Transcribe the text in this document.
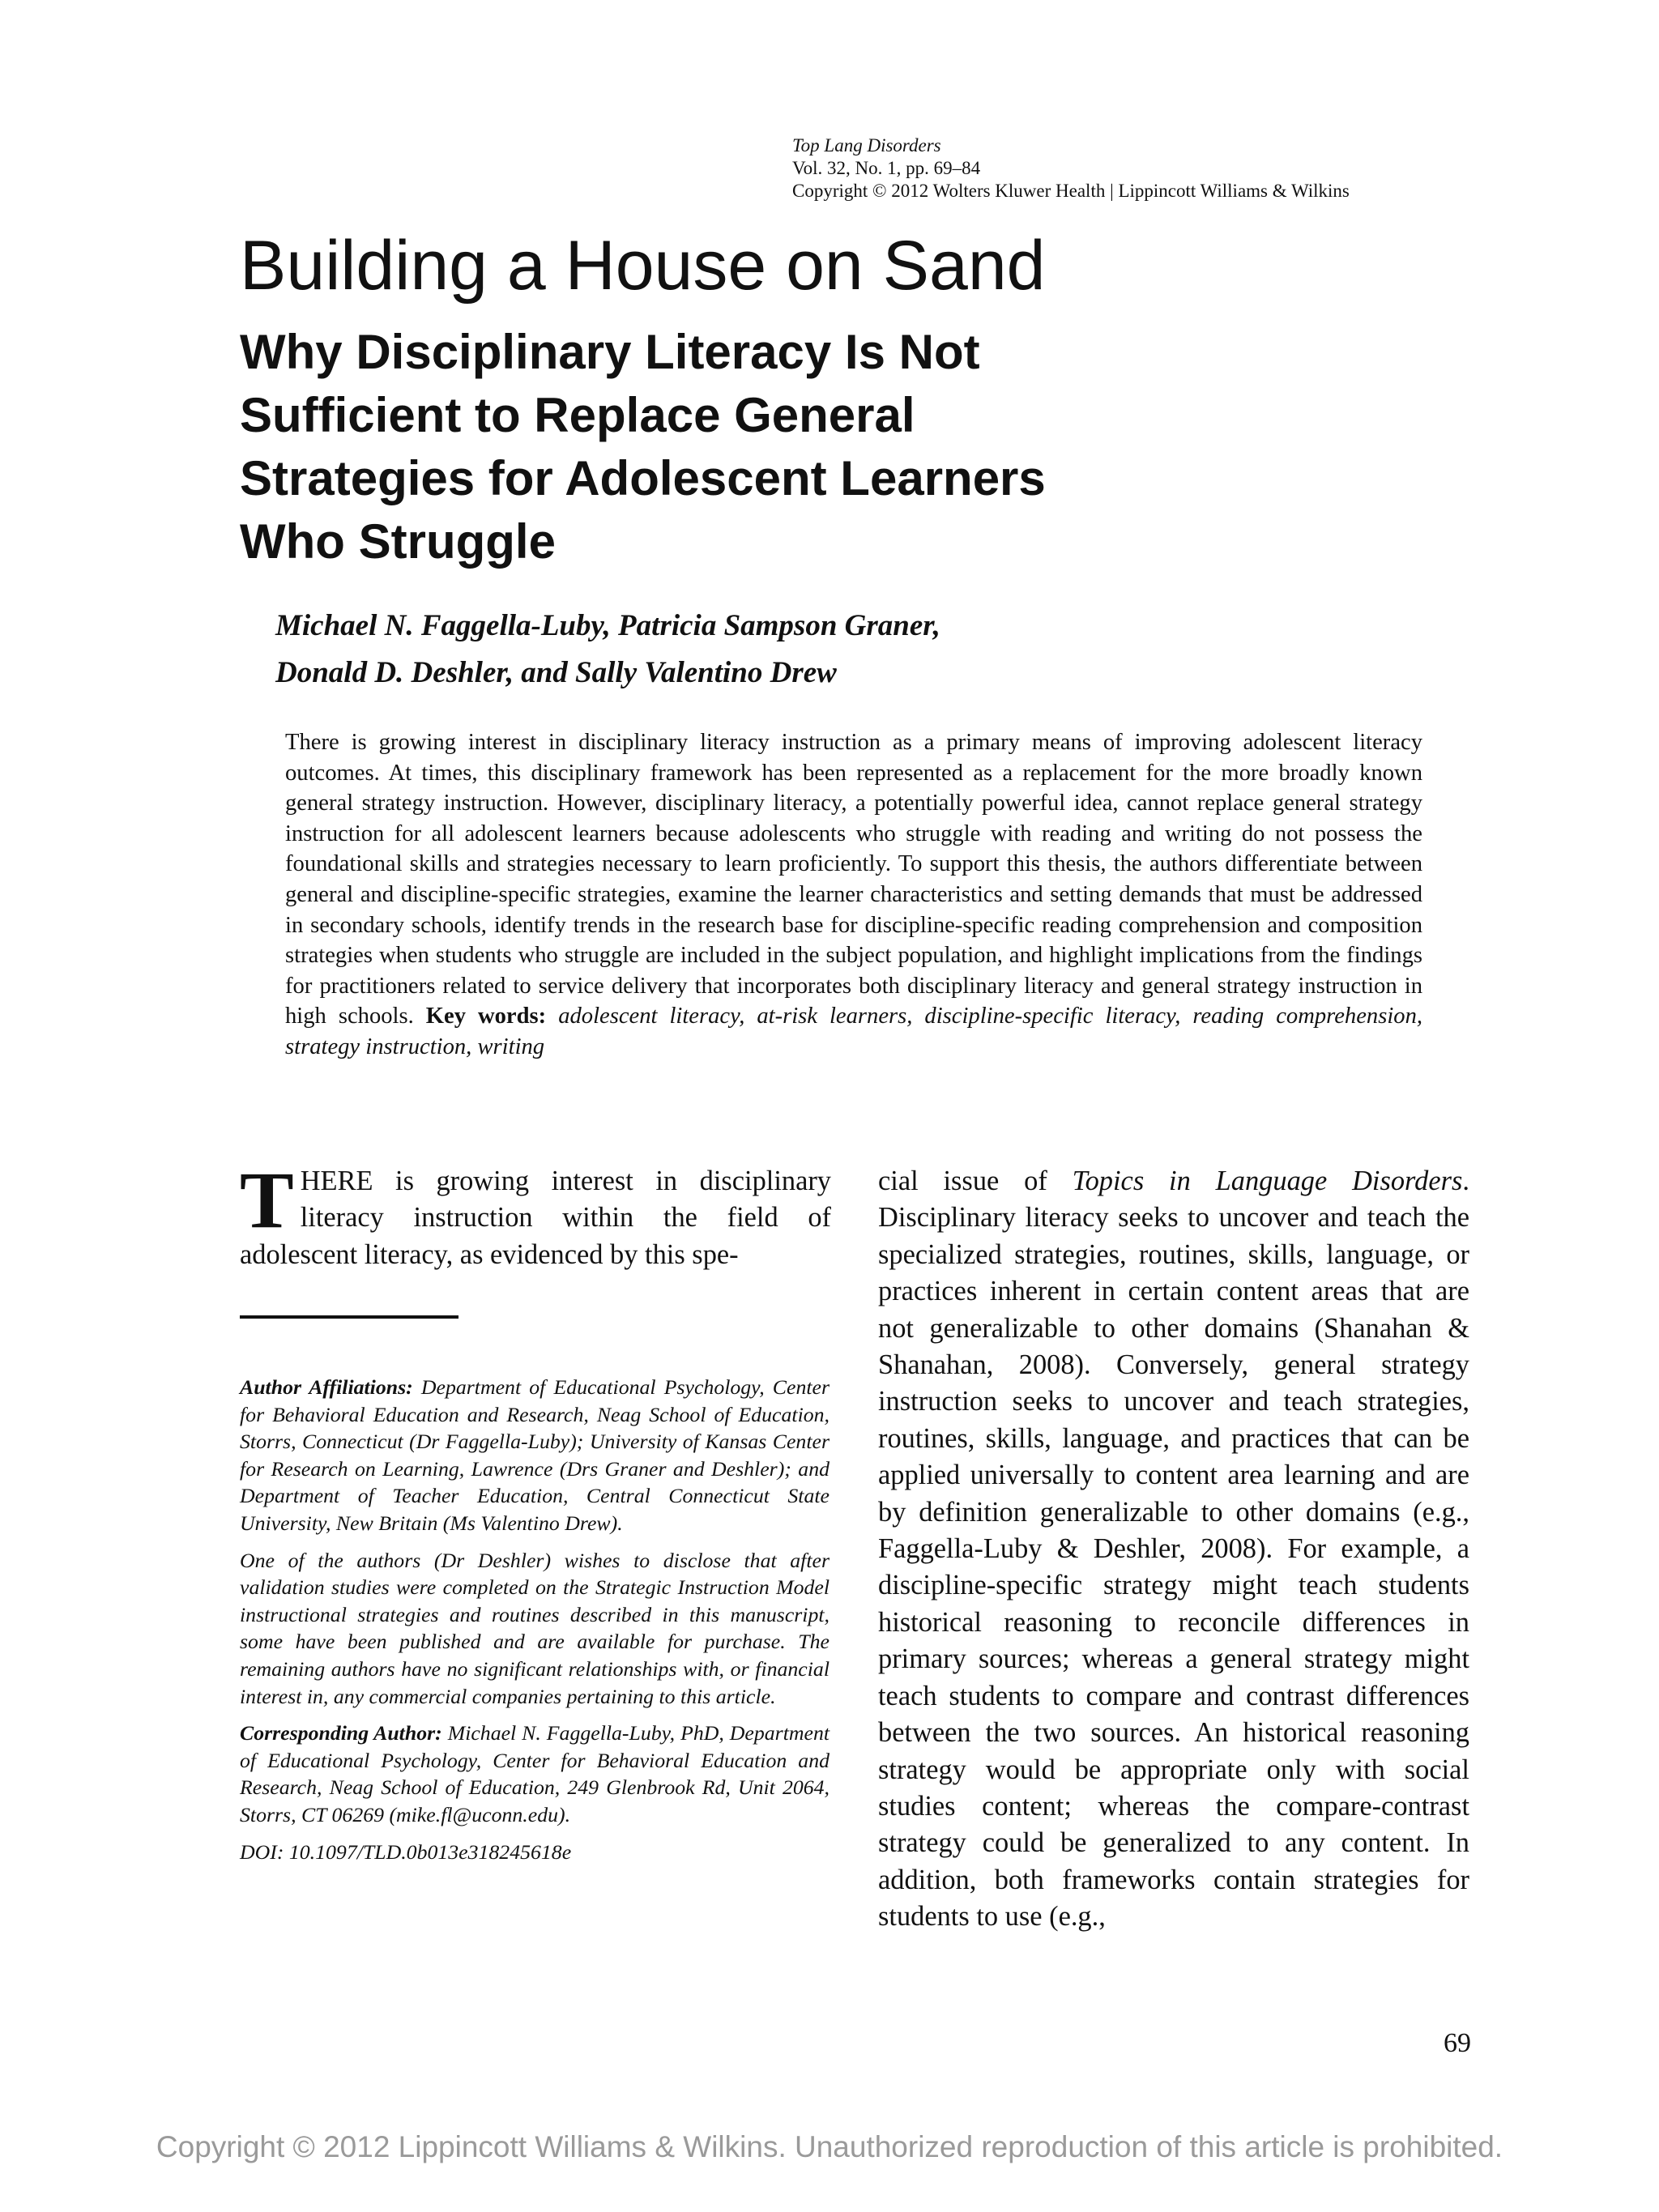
Top Lang Disorders
Vol. 32, No. 1, pp. 69–84
Copyright © 2012 Wolters Kluwer Health | Lippincott Williams & Wilkins
Building a House on Sand
Why Disciplinary Literacy Is Not
Sufficient to Replace General
Strategies for Adolescent Learners
Who Struggle
Michael N. Faggella-Luby, Patricia Sampson Graner,
Donald D. Deshler, and Sally Valentino Drew

There is growing interest in disciplinary literacy instruction as a primary means of improving adolescent literacy outcomes. At times, this disciplinary framework has been represented as a replacement for the more broadly known general strategy instruction. However, disciplinary literacy, a potentially powerful idea, cannot replace general strategy instruction for all adolescent learners because adolescents who struggle with reading and writing do not possess the foundational skills and strategies necessary to learn proficiently. To support this thesis, the authors differentiate between general and discipline-specific strategies, examine the learner characteristics and setting demands that must be addressed in secondary schools, identify trends in the research base for discipline-specific reading comprehension and composition strategies when students who struggle are included in the subject population, and highlight implications from the findings for practitioners related to service delivery that incorporates both disciplinary literacy and general strategy instruction in high schools. Key words: adolescent literacy, at-risk learners, discipline-specific literacy, reading comprehension, strategy instruction, writing

THERE is growing interest in disciplinary literacy instruction within the field of adolescent literacy, as evidenced by this spe-

Author Affiliations: Department of Educational Psychology, Center for Behavioral Education and Research, Neag School of Education, Storrs, Connecticut (Dr Faggella-Luby); University of Kansas Center for Research on Learning, Lawrence (Drs Graner and Deshler); and Department of Teacher Education, Central Connecticut State University, New Britain (Ms Valentino Drew).

One of the authors (Dr Deshler) wishes to disclose that after validation studies were completed on the Strategic Instruction Model instructional strategies and routines described in this manuscript, some have been published and are available for purchase. The remaining authors have no significant relationships with, or financial interest in, any commercial companies pertaining to this article.

Corresponding Author: Michael N. Faggella-Luby, PhD, Department of Educational Psychology, Center for Behavioral Education and Research, Neag School of Education, 249 Glenbrook Rd, Unit 2064, Storrs, CT 06269 (mike.fl@uconn.edu).

DOI: 10.1097/TLD.0b013e318245618e

cial issue of Topics in Language Disorders. Disciplinary literacy seeks to uncover and teach the specialized strategies, routines, skills, language, or practices inherent in certain content areas that are not generalizable to other domains (Shanahan & Shanahan, 2008). Conversely, general strategy instruction seeks to uncover and teach strategies, routines, skills, language, and practices that can be applied universally to content area learning and are by definition generalizable to other domains (e.g., Faggella-Luby & Deshler, 2008). For example, a discipline-specific strategy might teach students historical reasoning to reconcile differences in primary sources; whereas a general strategy might teach students to compare and contrast differences between the two sources. An historical reasoning strategy would be appropriate only with social studies content; whereas the compare-contrast strategy could be generalized to any content. In addition, both frameworks contain strategies for students to use (e.g.,

69
Copyright © 2012 Lippincott Williams & Wilkins. Unauthorized reproduction of this article is prohibited.
